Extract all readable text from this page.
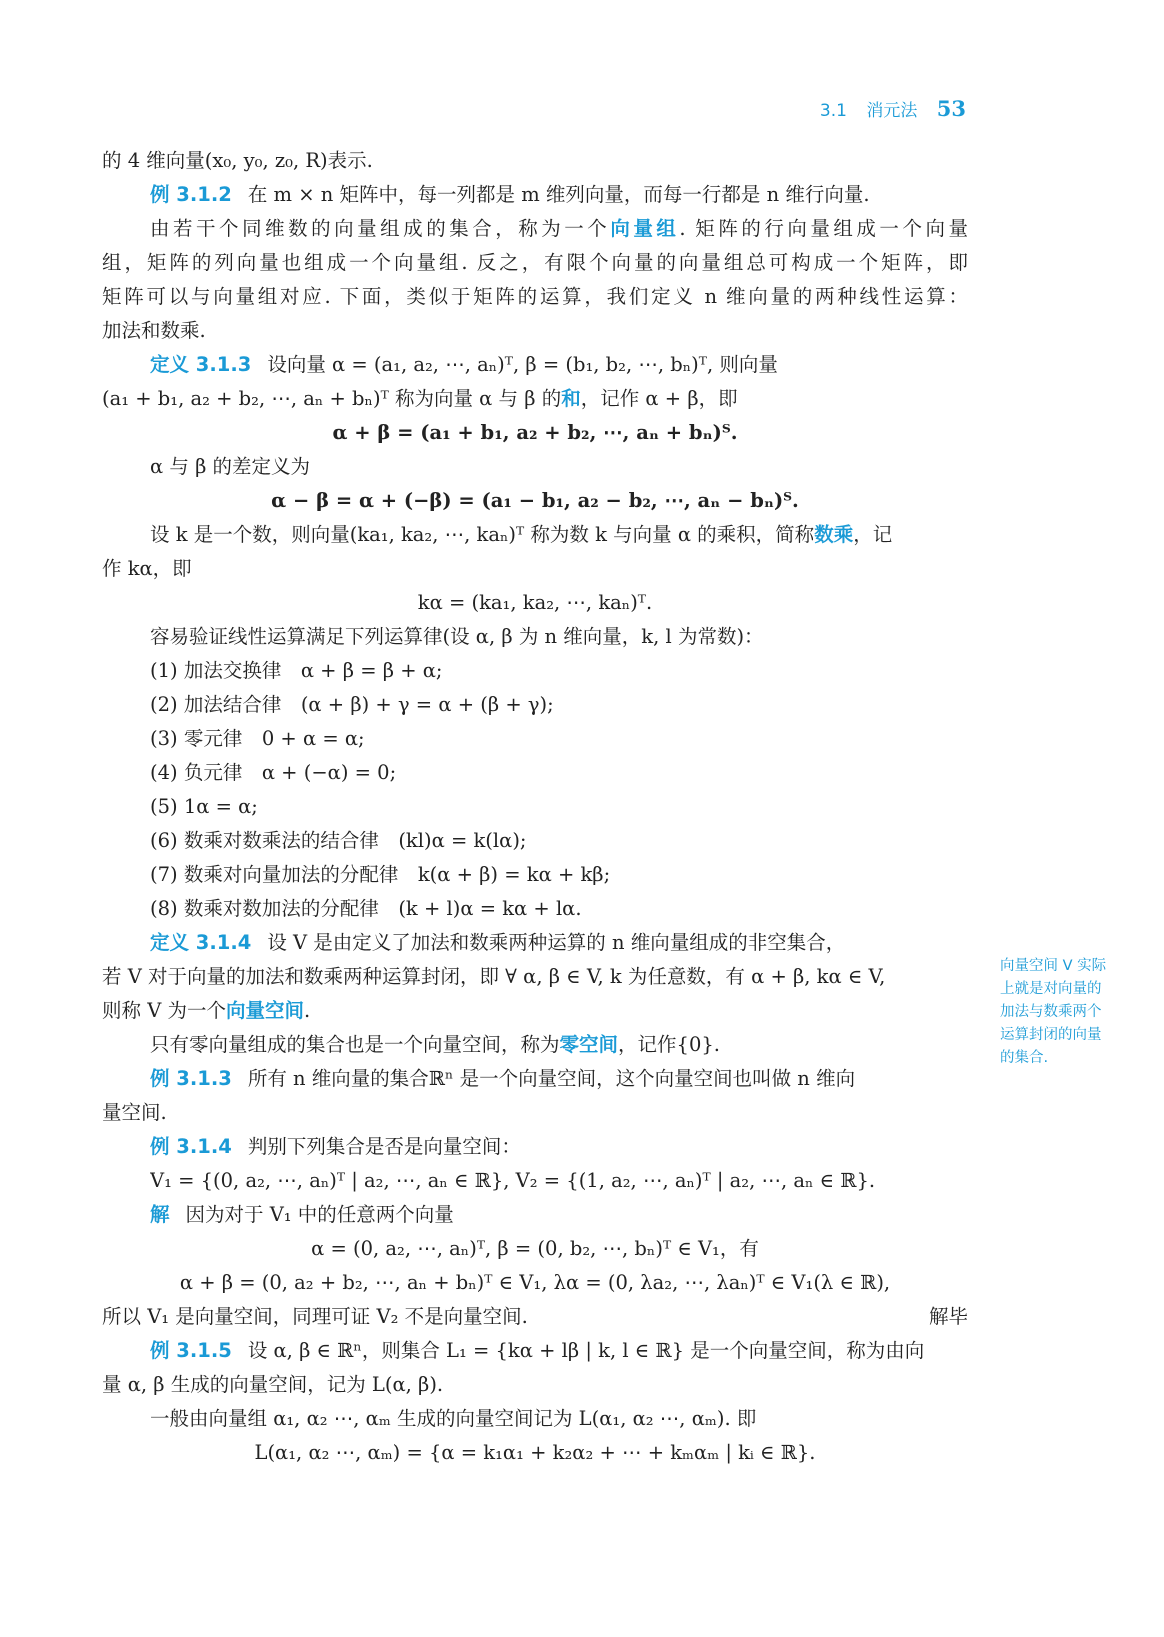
3.1 消元法 53
的 4 维向量(x₀, y₀, z₀, R)表示.
例 3.1.2 在 m × n 矩阵中，每一列都是 m 维列向量，而每一行都是 n 维行向量.
由若干个同维数的向量组成的集合，称为一个向量组. 矩阵的行向量组成一个向量
组，矩阵的列向量也组成一个向量组. 反之，有限个向量的向量组总可构成一个矩阵，即
矩阵可以与向量组对应. 下面，类似于矩阵的运算，我们定义 n 维向量的两种线性运算：
加法和数乘.
定义 3.1.3 设向量 α = (a₁, a₂, ⋯, aₙ)ᵀ, β = (b₁, b₂, ⋯, bₙ)ᵀ, 则向量
(a₁ + b₁, a₂ + b₂, ⋯, aₙ + bₙ)ᵀ 称为向量 α 与 β 的和，记作 α + β，即
α + β = (a₁ + b₁, a₂ + b₂, ⋯, aₙ + bₙ)ᵀ.
α 与 β 的差定义为
α − β = α + (−β) = (a₁ − b₁, a₂ − b₂, ⋯, aₙ − bₙ)ᵀ.
设 k 是一个数，则向量(ka₁, ka₂, ⋯, kaₙ)ᵀ 称为数 k 与向量 α 的乘积，简称数乘，记
作 kα，即
kα = (ka₁, ka₂, ⋯, kaₙ)ᵀ.
容易验证线性运算满足下列运算律(设 α, β 为 n 维向量，k, l 为常数)：
(1) 加法交换律　α + β = β + α;
(2) 加法结合律　(α + β) + γ = α + (β + γ);
(3) 零元律　0 + α = α;
(4) 负元律　α + (−α) = 0;
(5) 1α = α;
(6) 数乘对数乘法的结合律　(kl)α = k(lα);
(7) 数乘对向量加法的分配律　k(α + β) = kα + kβ;
(8) 数乘对数加法的分配律　(k + l)α = kα + lα.
定义 3.1.4 设 V 是由定义了加法和数乘两种运算的 n 维向量组成的非空集合，
若 V 对于向量的加法和数乘两种运算封闭，即 ∀ α, β ∈ V, k 为任意数，有 α + β, kα ∈ V,
则称 V 为一个向量空间.
只有零向量组成的集合也是一个向量空间，称为零空间，记作{0}.
例 3.1.3 所有 n 维向量的集合ℝⁿ 是一个向量空间，这个向量空间也叫做 n 维向
量空间.
例 3.1.4 判别下列集合是否是向量空间：
V₁ = {(0, a₂, ⋯, aₙ)ᵀ | a₂, ⋯, aₙ ∈ ℝ}, V₂ = {(1, a₂, ⋯, aₙ)ᵀ | a₂, ⋯, aₙ ∈ ℝ}.
解 因为对于 V₁ 中的任意两个向量
α = (0, a₂, ⋯, aₙ)ᵀ, β = (0, b₂, ⋯, bₙ)ᵀ ∈ V₁，有
α + β = (0, a₂ + b₂, ⋯, aₙ + bₙ)ᵀ ∈ V₁, λα = (0, λa₂, ⋯, λaₙ)ᵀ ∈ V₁(λ ∈ ℝ),
所以 V₁ 是向量空间，同理可证 V₂ 不是向量空间.	解毕
例 3.1.5 设 α, β ∈ ℝⁿ，则集合 L₁ = {kα + lβ | k, l ∈ ℝ} 是一个向量空间，称为由向
量 α, β 生成的向量空间，记为 L(α, β).
一般由向量组 α₁, α₂ ⋯, αₘ 生成的向量空间记为 L(α₁, α₂ ⋯, αₘ). 即
L(α₁, α₂ ⋯, αₘ) = {α = k₁α₁ + k₂α₂ + ⋯ + kₘαₘ | kᵢ ∈ ℝ}.
向量空间 V 实际
上就是对向量的
加法与数乘两个
运算封闭的向量
的集合.
